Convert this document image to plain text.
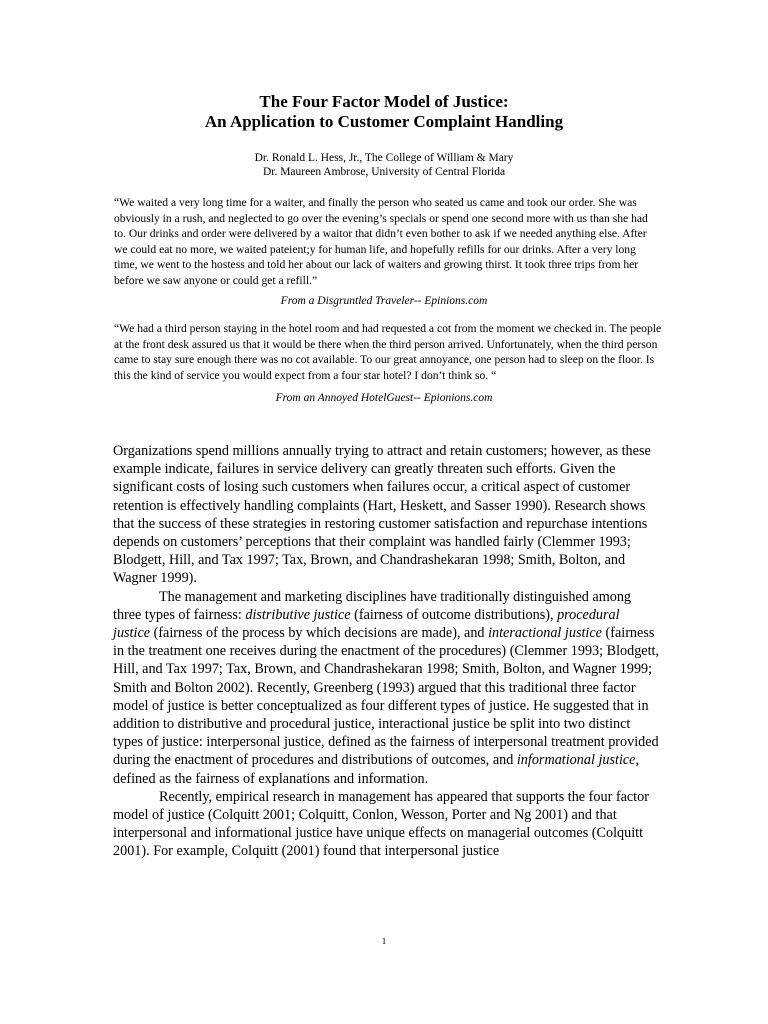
The Four Factor Model of Justice:
An Application to Customer Complaint Handling
Dr. Ronald L. Hess, Jr., The College of William & Mary
Dr. Maureen Ambrose, University of Central Florida
“We waited a very long time for a waiter, and finally the person who seated us came and took our order. She was obviously in a rush, and neglected to go over the evening’s specials or spend one second more with us than she had to. Our drinks and order were delivered by a waitor that didn’t even bother to ask if we needed anything else. After we could eat no more, we waited pateient;y for human life, and hopefully refills for our drinks. After a very long time, we went to the hostess and told her about our lack of waiters and growing thirst. It took three trips from her before we saw anyone or could get a refill.”
From a Disgruntled Traveler-- Epinions.com
“We had a third person staying in the hotel room and had requested a cot from the moment we checked in. The people at the front desk assured us that it would be there when the third person arrived. Unfortunately, when the third person came to stay sure enough there was no cot available. To our great annoyance, one person had to sleep on the floor. Is this the kind of service you would expect from a four star hotel? I don’t think so. “
From an Annoyed HotelGuest-- Epionions.com

Organizations spend millions annually trying to attract and retain customers; however, as these example indicate, failures in service delivery can greatly threaten such efforts. Given the significant costs of losing such customers when failures occur, a critical aspect of customer retention is effectively handling complaints (Hart, Heskett, and Sasser 1990). Research shows that the success of these strategies in restoring customer satisfaction and repurchase intentions depends on customers’ perceptions that their complaint was handled fairly (Clemmer 1993; Blodgett, Hill, and Tax 1997; Tax, Brown, and Chandrashekaran 1998; Smith, Bolton, and Wagner 1999).

The management and marketing disciplines have traditionally distinguished among three types of fairness: distributive justice (fairness of outcome distributions), procedural justice (fairness of the process by which decisions are made), and interactional justice (fairness in the treatment one receives during the enactment of the procedures) (Clemmer 1993; Blodgett, Hill, and Tax 1997; Tax, Brown, and Chandrashekaran 1998; Smith, Bolton, and Wagner 1999; Smith and Bolton 2002). Recently, Greenberg (1993) argued that this traditional three factor model of justice is better conceptualized as four different types of justice. He suggested that in addition to distributive and procedural justice, interactional justice be split into two distinct types of justice: interpersonal justice, defined as the fairness of interpersonal treatment provided during the enactment of procedures and distributions of outcomes, and informational justice, defined as the fairness of explanations and information.

Recently, empirical research in management has appeared that supports the four factor model of justice (Colquitt 2001; Colquitt, Conlon, Wesson, Porter and Ng 2001) and that interpersonal and informational justice have unique effects on managerial outcomes (Colquitt 2001). For example, Colquitt (2001) found that interpersonal justice

1
